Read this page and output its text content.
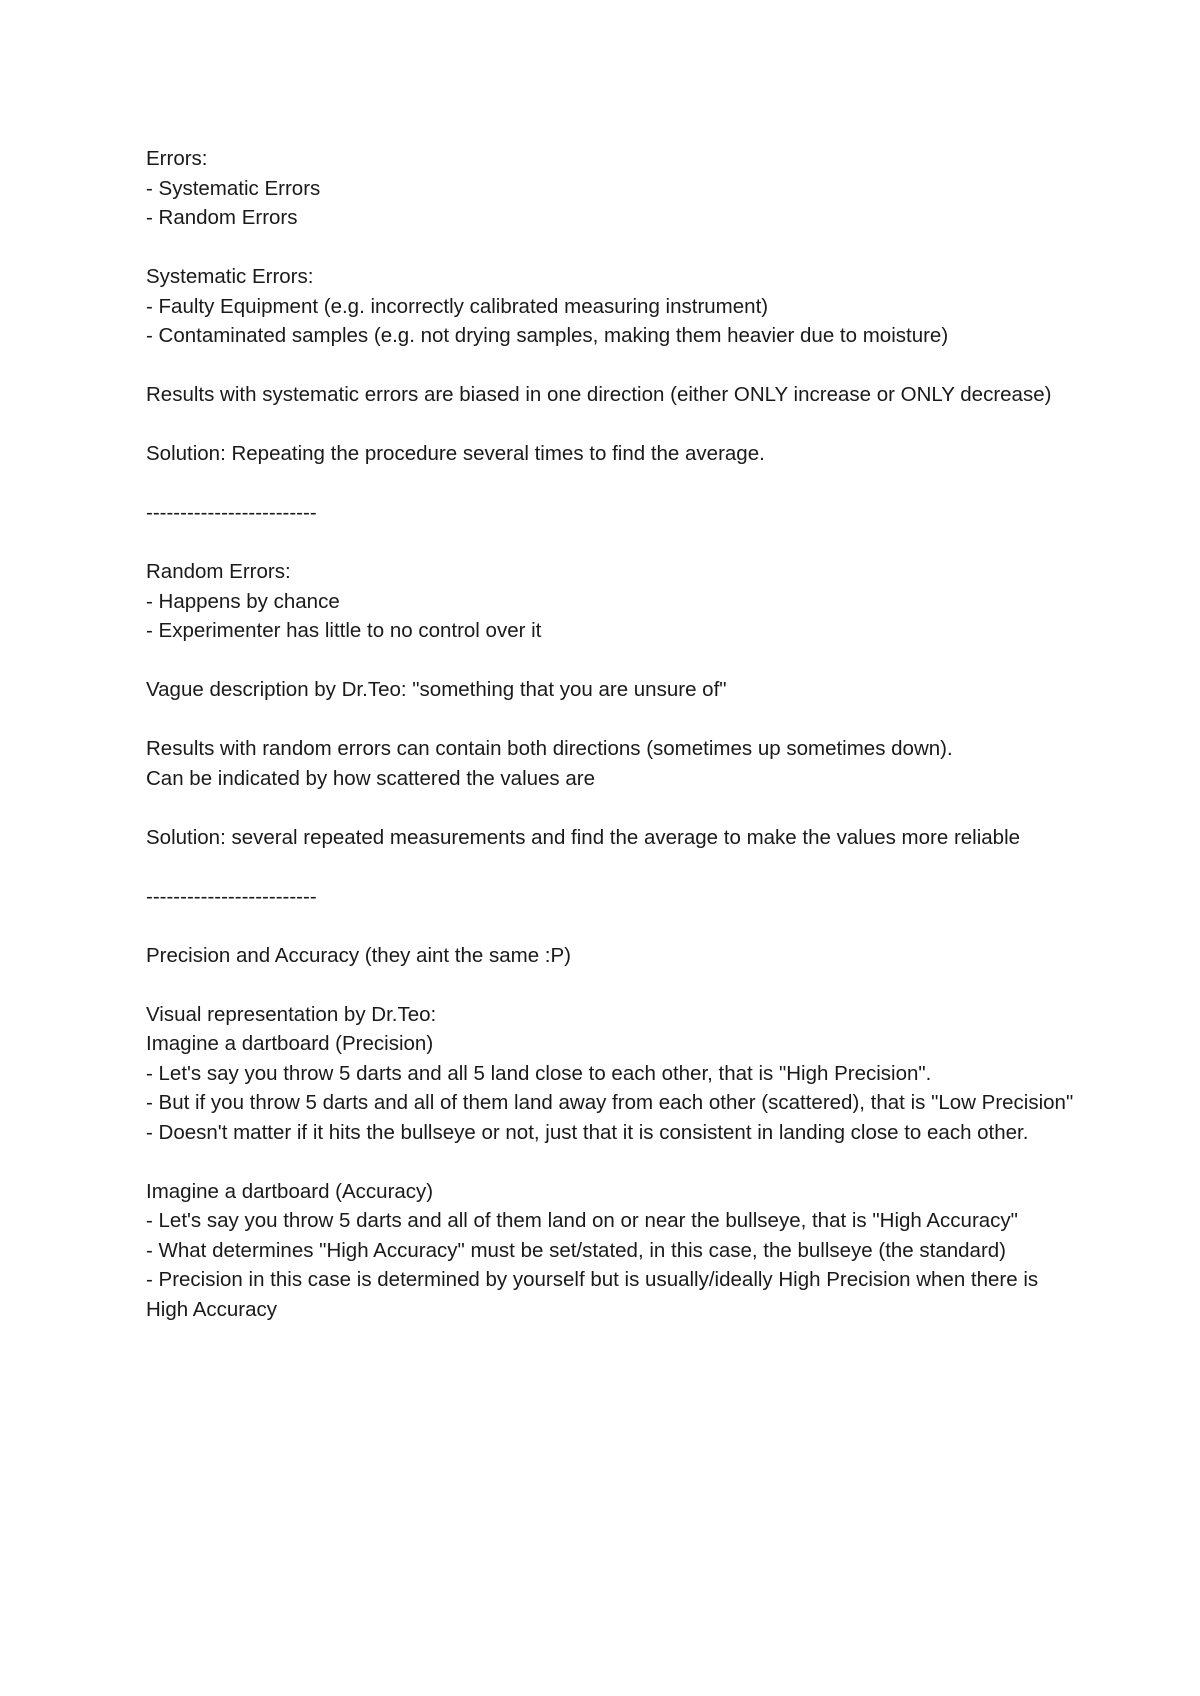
Errors:
- Systematic Errors
- Random Errors
Systematic Errors:
- Faulty Equipment (e.g. incorrectly calibrated measuring instrument)
- Contaminated samples (e.g. not drying samples, making them heavier due to moisture)
Results with systematic errors are biased in one direction (either ONLY increase or ONLY decrease)
Solution: Repeating the procedure several times to find the average.
-------------------------
Random Errors:
- Happens by chance
- Experimenter has little to no control over it
Vague description by Dr.Teo: "something that you are unsure of"
Results with random errors can contain both directions (sometimes up sometimes down).
Can be indicated by how scattered the values are
Solution: several repeated measurements and find the average to make the values more reliable
-------------------------
Precision and Accuracy (they aint the same :P)
Visual representation by Dr.Teo:
Imagine a dartboard (Precision)
- Let's say you throw 5 darts and all 5 land close to each other, that is "High Precision".
- But if you throw 5 darts and all of them land away from each other (scattered), that is "Low Precision"
- Doesn't matter if it hits the bullseye or not, just that it is consistent in landing close to each other.
Imagine a dartboard (Accuracy)
- Let's say you throw 5 darts and all of them land on or near the bullseye, that is "High Accuracy"
- What determines "High Accuracy" must be set/stated, in this case, the bullseye (the standard)
- Precision in this case is determined by yourself but is usually/ideally High Precision when there is High Accuracy
